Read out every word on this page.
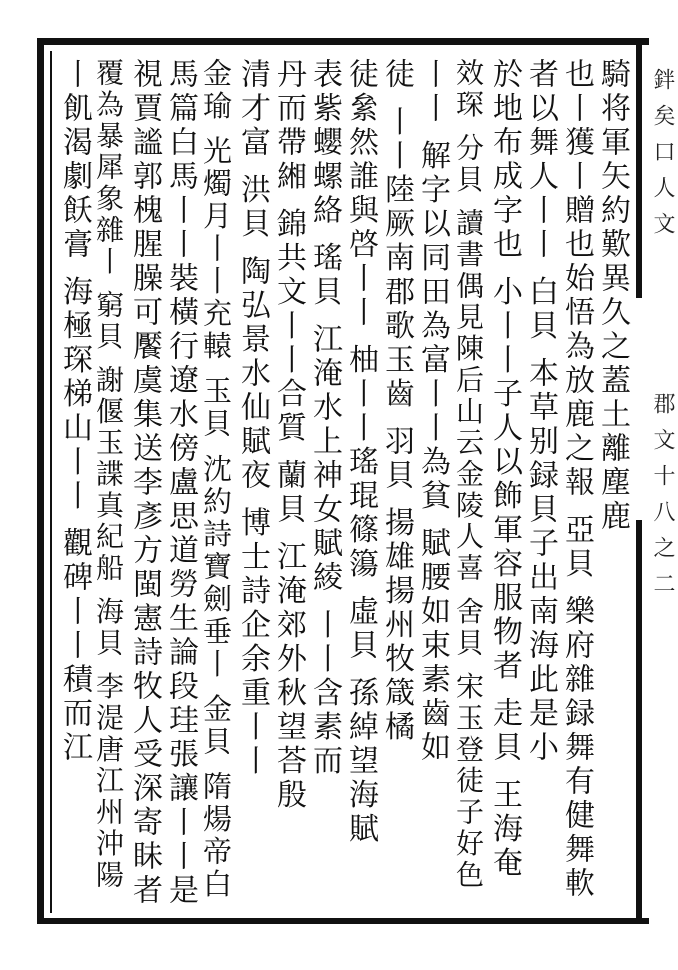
鉡矣口人文
郡文十八之二
騎将軍矢約歎異久之蓋土離塵鹿
也丨獲丨贈也始悟為放鹿之報 亞貝 樂府雜録舞有健舞軟
者以舞人丨丨 白貝 本草别録貝子出南海此是小
於地布成字也 小丨丨子人以飾軍容服物者 走貝 王海奄
效琛 分貝 讀書偶見陳后山云金陵人喜 舍貝 宋玉登徒子好色
丨丨 解字以同田為富丨丨為貧 賦腰如束素齒如
徒 丨丨陸厥南郡歌玉齒 羽貝 揚雄揚州牧箴橘
徒絫然誰與啓丨丨 柚丨丨瑤琨篠簜 虛貝 孫綽望海賦
表紫蠳螺絡 瑤貝 江淹水上神女賦綾 丨丨含素而
丹而帶緗 錦共文丨丨合質 蘭貝 江淹郊外秋望荅殷
清才富 洪貝 陶弘景水仙賦夜 博士詩企余重丨丨
金瑜 光燭月丨丨充轅 玉貝 沈約詩寶劍垂丨 金貝 隋煬帝白
馬篇白馬丨丨裝橫行遼水傍盧思道勞生論段珪張讓丨丨是
視賈謐郭槐腥臊可饜虞集送李彥方閩憲詩牧人受深寄眛者
覆為暴犀象雜丨 窮貝 謝偃玉諜真紀船 海貝 李湜唐江州沖陽
丨飢渴劇飫膏 海極琛梯山丨丨 觀碑丨丨積而江
